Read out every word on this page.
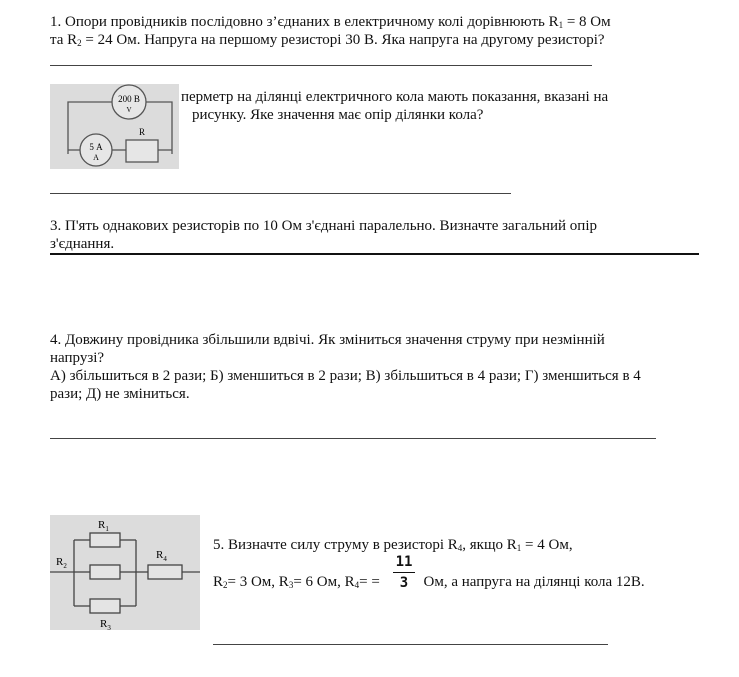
1. Опори провідників послідовно з’єднаних в електричному колі дорівнюють $R_1 = 8$ Ом
та $R_2 = 24$ Ом. Напруга на першому резисторі 30 В. Яка напруга на другому резисторі?
200 В
V
5 А
A
R
перметр на ділянці електричного кола мають показання, вказані на
рисунку. Яке значення має опір ділянки кола?
3. П'ять однакових резисторів по 10 Ом з'єднані паралельно. Визначте загальний опір
з'єднання.
4. Довжину провідника збільшили вдвічі. Як зміниться значення струму при незмінній
напрузі?
А) збільшиться в 2 рази; Б) зменшиться в 2 рази; В) збільшиться в 4 рази; Г) зменшиться в 4
рази; Д) не зміниться.
$R_1$
$R_2$
$R_3$
$R_4$
5. Визначте силу струму в резисторі $R_4$, якщо $R_1 = 4$ Ом,
11
3
$R_2= 3$ Ом, $R_3= 6$ Ом, $R_4=$ = Ом, а напруга на ділянці кола 12В.
